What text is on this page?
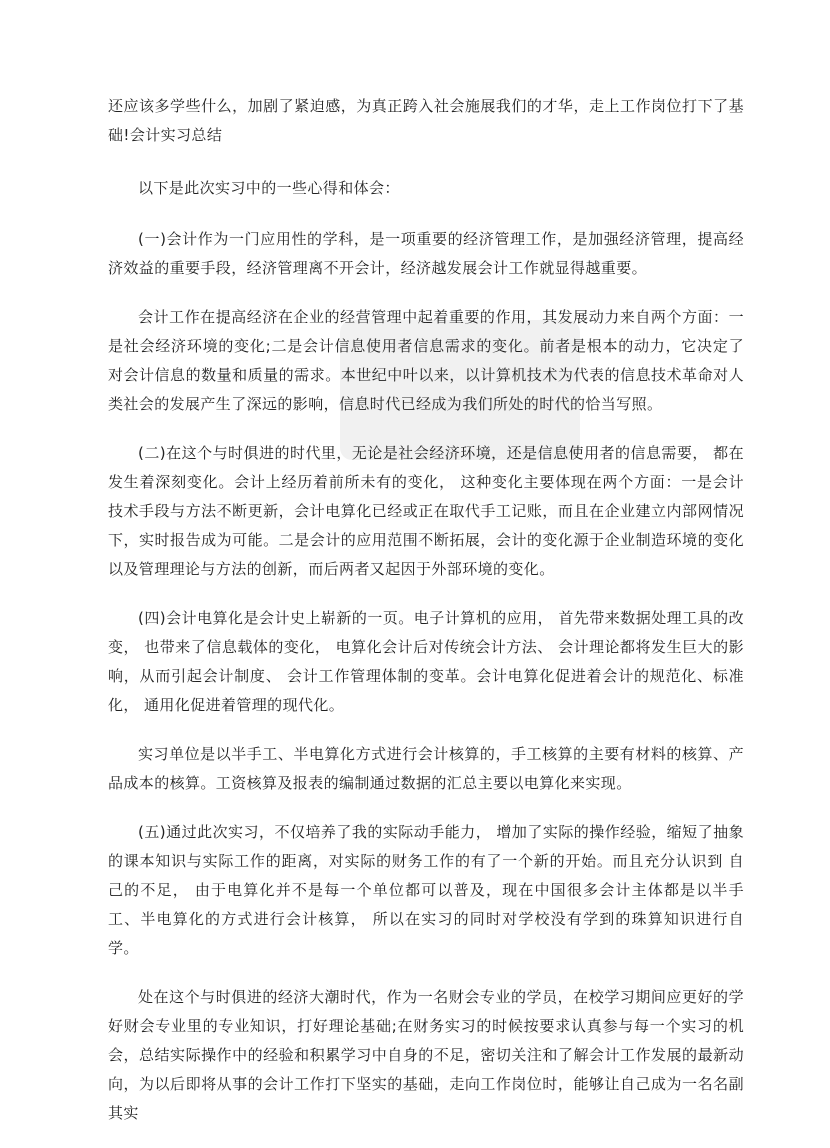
还应该多学些什么，加剧了紧迫感，为真正跨入社会施展我们的才华，走上工作岗位打下了基础!会计实习总结

以下是此次实习中的一些心得和体会：

(一)会计作为一门应用性的学科，是一项重要的经济管理工作，是加强经济管理，提高经济效益的重要手段，经济管理离不开会计，经济越发展会计工作就显得越重要。

会计工作在提高经济在企业的经营管理中起着重要的作用，其发展动力来自两个方面：一是社会经济环境的变化;二是会计信息使用者信息需求的变化。前者是根本的动力，它决定了对会计信息的数量和质量的需求。本世纪中叶以来，以计算机技术为代表的信息技术革命对人类社会的发展产生了深远的影响，信息时代已经成为我们所处的时代的恰当写照。

(二)在这个与时俱进的时代里，无论是社会经济环境，还是信息使用者的信息需要， 都在发生着深刻变化。会计上经历着前所未有的变化， 这种变化主要体现在两个方面：一是会计技术手段与方法不断更新，会计电算化已经或正在取代手工记账，而且在企业建立内部网情况下，实时报告成为可能。二是会计的应用范围不断拓展，会计的变化源于企业制造环境的变化以及管理理论与方法的创新，而后两者又起因于外部环境的变化。

(四)会计电算化是会计史上崭新的一页。电子计算机的应用， 首先带来数据处理工具的改变， 也带来了信息载体的变化， 电算化会计后对传统会计方法、 会计理论都将发生巨大的影响，从而引起会计制度、 会计工作管理体制的变革。会计电算化促进着会计的规范化、标准化， 通用化促进着管理的现代化。

实习单位是以半手工、半电算化方式进行会计核算的，手工核算的主要有材料的核算、产品成本的核算。工资核算及报表的编制通过数据的汇总主要以电算化来实现。

(五)通过此次实习，不仅培养了我的实际动手能力， 增加了实际的操作经验，缩短了抽象的课本知识与实际工作的距离，对实际的财务工作的有了一个新的开始。而且充分认识到 自 己的不足， 由于电算化并不是每一个单位都可以普及，现在中国很多会计主体都是以半手工、半电算化的方式进行会计核算， 所以在实习的同时对学校没有学到的珠算知识进行自学。

处在这个与时俱进的经济大潮时代，作为一名财会专业的学员，在校学习期间应更好的学好财会专业里的专业知识，打好理论基础;在财务实习的时候按要求认真参与每一个实习的机会，总结实际操作中的经验和积累学习中自身的不足，密切关注和了解会计工作发展的最新动向，为以后即将从事的会计工作打下坚实的基础，走向工作岗位时，能够让自己成为一名名副其实
